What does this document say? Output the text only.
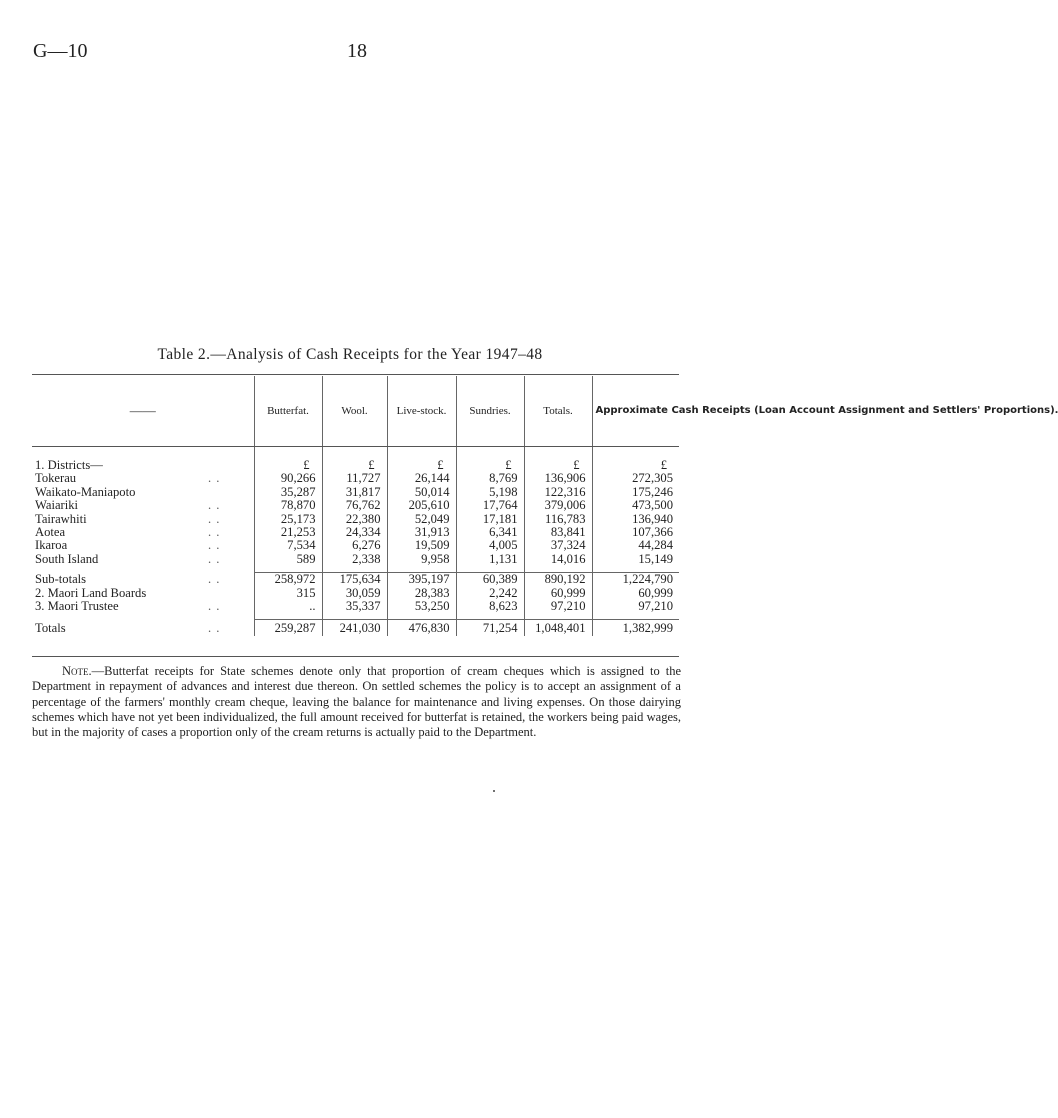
G—10	18
Table 2.—Analysis of Cash Receipts for the Year 1947–48
——	Butterfat.	Wool.	Live-stock.	Sundries.	Totals.	Approximate Cash Receipts (Loan Account Assignment and Settlers' Proportions).

1. Districts—	£	£	£	£	£	£
Tokerau . .	90,266	11,727	26,144	8,769	136,906	272,305
Waikato-Maniapoto	35,287	31,817	50,014	5,198	122,316	175,246
Waiariki . .	78,870	76,762	205,610	17,764	379,006	473,500
Tairawhiti . .	25,173	22,380	52,049	17,181	116,783	136,940
Aotea . .	21,253	24,334	31,913	6,341	83,841	107,366
Ikaroa . .	7,534	6,276	19,509	4,005	37,324	44,284
South Island . .	589	2,338	9,958	1,131	14,016	15,149

Sub-totals . .	258,972	175,634	395,197	60,389	890,192	1,224,790
2. Maori Land Boards	315	30,059	28,383	2,242	60,999	60,999
3. Maori Trustee . .	..	35,337	53,250	8,623	97,210	97,210

Totals . .	259,287	241,030	476,830	71,254	1,048,401	1,382,999

Note.—Butterfat receipts for State schemes denote only that proportion of cream cheques which is assigned to the Department in repayment of advances and interest due thereon. On settled schemes the policy is to accept an assignment of a percentage of the farmers' monthly cream cheque, leaving the balance for maintenance and living expenses. On those dairying schemes which have not yet been individualized, the full amount received for butterfat is retained, the workers being paid wages, but in the majority of cases a proportion only of the cream returns is actually paid to the Department.
